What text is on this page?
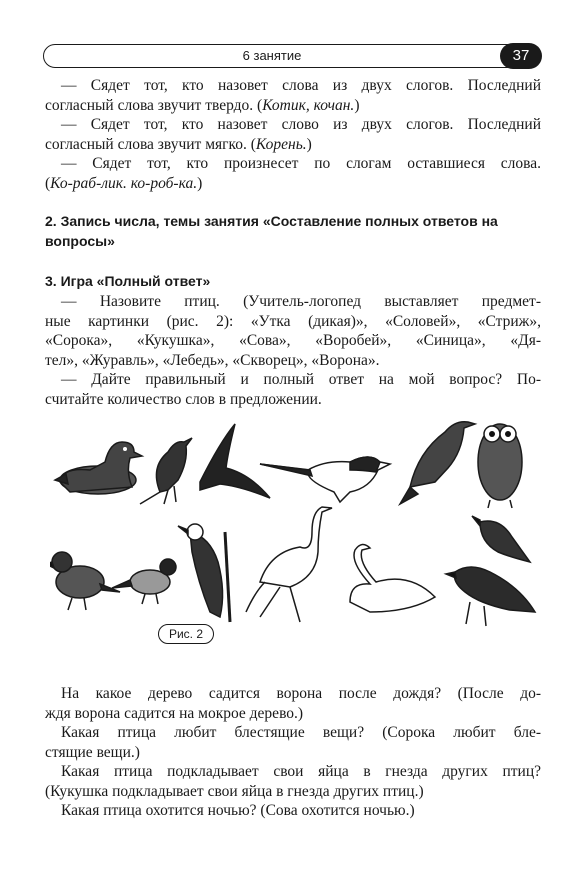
6 занятие	37
— Сядет тот, кто назовет слова из двух слогов. Последний
согласный слова звучит твердо. (Котик, кочан.)
— Сядет тот, кто назовет слово из двух слогов. Последний
согласный слова звучит мягко. (Корень.)
— Сядет тот, кто произнесет по слогам оставшиеся слова.
(Ко-раб-лик. ко-роб-ка.)
2. Запись числа, темы занятия «Составление полных ответов на
вопросы»
3. Игра «Полный ответ»
— Назовите птиц. (Учитель-логопед выставляет предмет-
ные картинки (рис. 2): «Утка (дикая)», «Соловей», «Стриж»,
«Сорока», «Кукушка», «Сова», «Воробей», «Синица», «Дя-
тел», «Журавль», «Лебедь», «Скворец», «Ворона».
— Дайте правильный и полный ответ на мой вопрос? По-
считайте количество слов в предложении.
Рис. 2
На какое дерево садится ворона после дождя? (После до-
ждя ворона садится на мокрое дерево.)
Какая птица любит блестящие вещи? (Сорока любит бле-
стящие вещи.)
Какая птица подкладывает свои яйца в гнезда других птиц?
(Кукушка подкладывает свои яйца в гнезда других птиц.)
Какая птица охотится ночью? (Сова охотится ночью.)
